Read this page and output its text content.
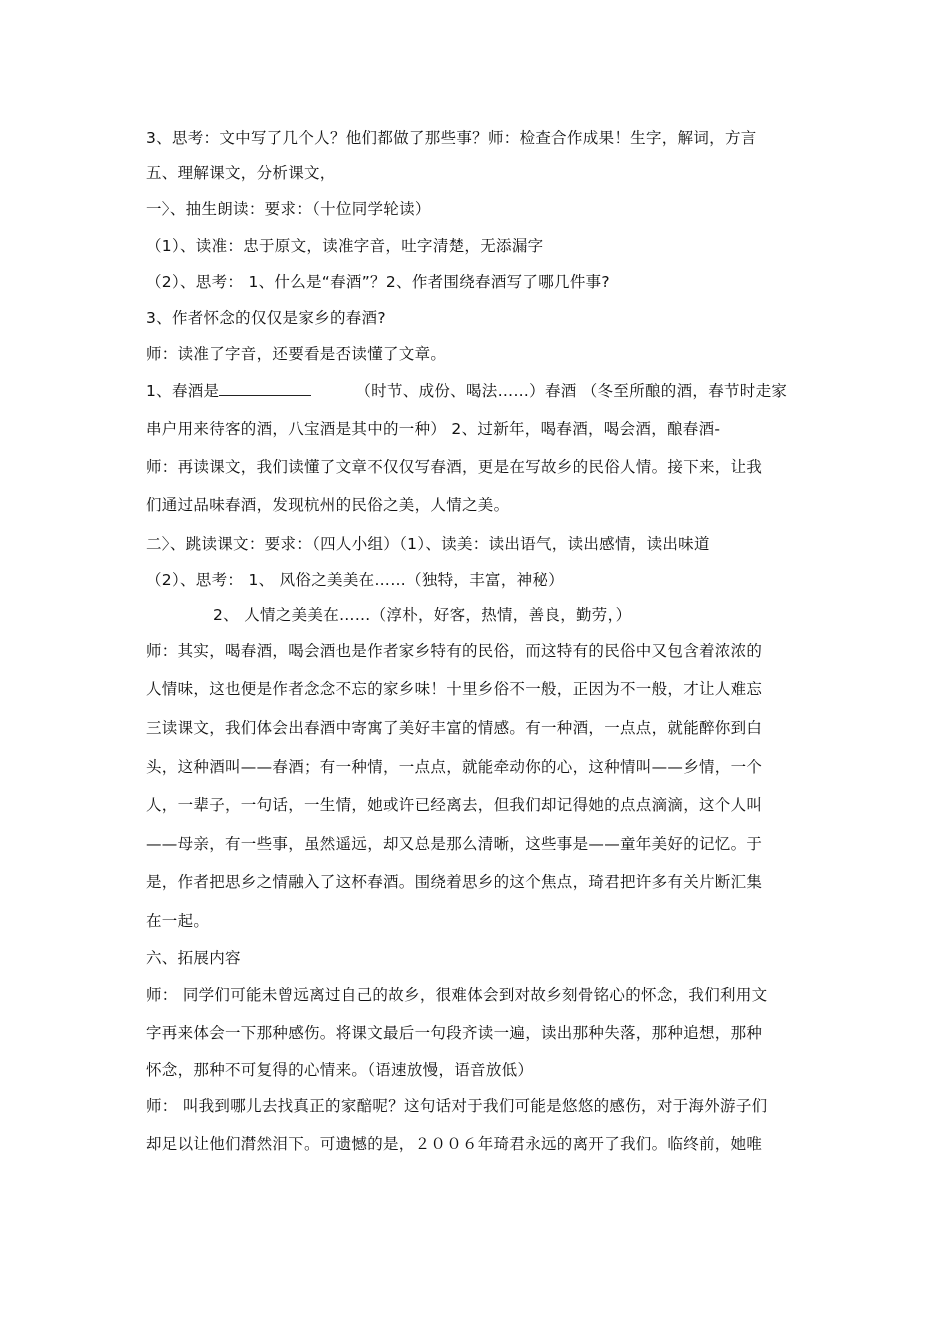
3、思考：文中写了几个人？他们都做了那些事？师：检查合作成果！生字，解词，方言
五、理解课文，分析课文，
一〉、抽生朗读：要求：（十位同学轮读）
（1）、读准：忠于原文，读准字音，吐字清楚，无添漏字
（2）、思考： 1、什么是“春酒”？2、作者围绕春酒写了哪几件事?
3、作者怀念的仅仅是家乡的春酒?
师：读准了字音，还要看是否读懂了文章。
1、春酒是	（时节、成份、喝法……）春酒 （冬至所酿的酒，春节时走家
串户用来待客的酒，八宝酒是其中的一种） 2、过新年，喝春酒，喝会酒，酿春酒-
师：再读课文，我们读懂了文章不仅仅写春酒，更是在写故乡的民俗人情。接下来，让我
们通过品味春酒，发现杭州的民俗之美，人情之美。
二〉、跳读课文：要求：（四人小组）（1）、读美：读出语气，读出感情，读出味道
（2）、思考： 1、 风俗之美美在……（独特，丰富，神秘）
2、 人情之美美在……（淳朴，好客，热情，善良，勤劳，）
师：其实，喝春酒，喝会酒也是作者家乡特有的民俗，而这特有的民俗中又包含着浓浓的
人情味，这也便是作者念念不忘的家乡味！十里乡俗不一般，正因为不一般，才让人难忘
三读课文，我们体会出春酒中寄寓了美好丰富的情感。有一种酒，一点点，就能醉你到白
头，这种酒叫——春酒；有一种情，一点点，就能牵动你的心，这种情叫——乡情，一个
人，一辈子，一句话，一生情，她或许已经离去，但我们却记得她的点点滴滴，这个人叫
——母亲，有一些事，虽然遥远，却又总是那么清晰，这些事是——童年美好的记忆。于
是，作者把思乡之情融入了这杯春酒。围绕着思乡的这个焦点，琦君把许多有关片断汇集
在一起。
六、拓展内容
师： 同学们可能未曾远离过自己的故乡，很难体会到对故乡刻骨铭心的怀念，我们利用文
字再来体会一下那种感伤。将课文最后一句段齐读一遍，读出那种失落，那种追想，那种
怀念，那种不可复得的心情来。（语速放慢，语音放低）
师： 叫我到哪儿去找真正的家醅呢？这句话对于我们可能是悠悠的感伤，对于海外游子们
却足以让他们潸然泪下。可遗憾的是，２００６年琦君永远的离开了我们。临终前，她唯
